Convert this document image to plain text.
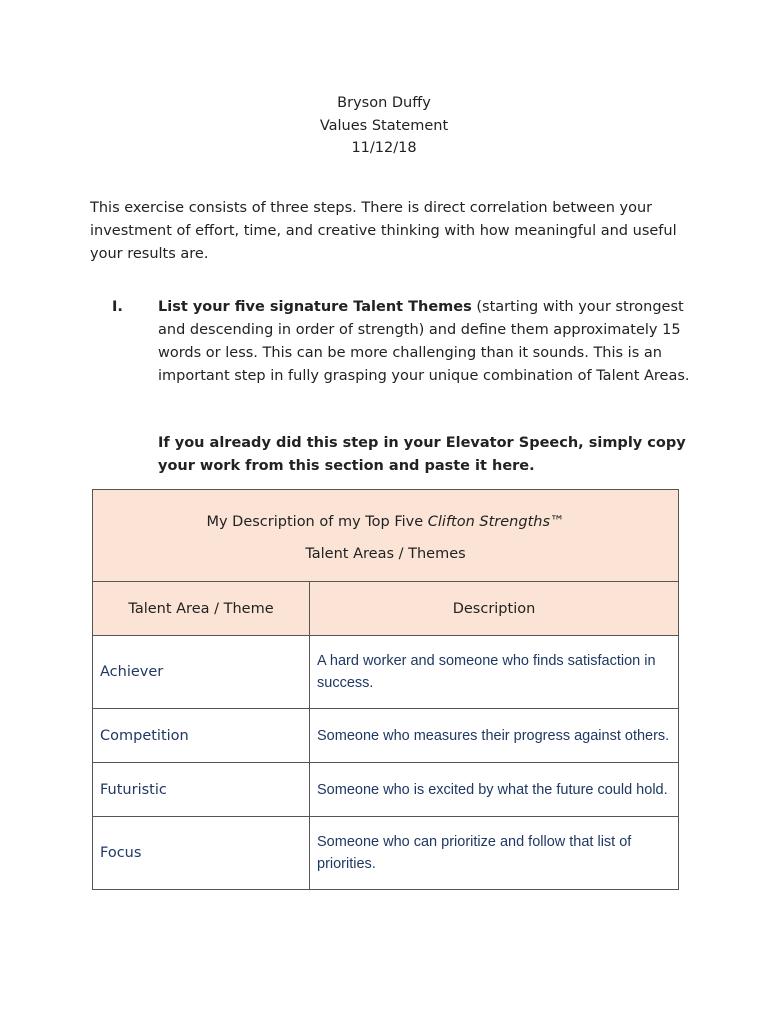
Bryson Duffy
Values Statement
11/12/18
This exercise consists of three steps. There is direct correlation between your investment of effort, time, and creative thinking with how meaningful and useful your results are.
I. List your five signature Talent Themes (starting with your strongest and descending in order of strength) and define them approximately 15 words or less. This can be more challenging than it sounds. This is an important step in fully grasping your unique combination of Talent Areas.
If you already did this step in your Elevator Speech, simply copy your work from this section and paste it here.
My Description of my Top Five Clifton Strengths™
Talent Areas / Themes	

Talent Area / Theme	Description
Achiever	A hard worker and someone who finds satisfaction in success.
Competition	Someone who measures their progress against others.
Futuristic	Someone who is excited by what the future could hold.
Focus	Someone who can prioritize and follow that list of priorities.
